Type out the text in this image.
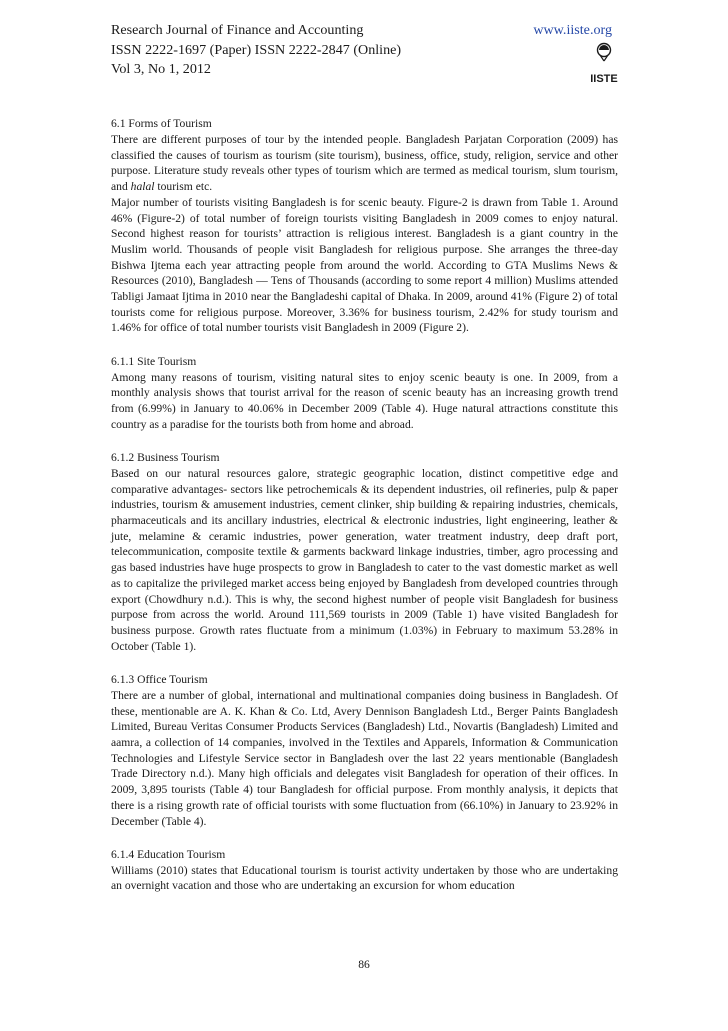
Research Journal of Finance and Accounting
ISSN 2222-1697 (Paper) ISSN 2222-2847 (Online)
Vol 3, No 1, 2012
www.iiste.org
IISTE
6.1 Forms of Tourism

There are different purposes of tour by the intended people. Bangladesh Parjatan Corporation (2009) has classified the causes of tourism as tourism (site tourism), business, office, study, religion, service and other purpose. Literature study reveals other types of tourism which are termed as medical tourism, slum tourism, and halal tourism etc.

Major number of tourists visiting Bangladesh is for scenic beauty. Figure-2 is drawn from Table 1. Around 46% (Figure-2) of total number of foreign tourists visiting Bangladesh in 2009 comes to enjoy natural. Second highest reason for tourists’ attraction is religious interest. Bangladesh is a giant country in the Muslim world. Thousands of people visit Bangladesh for religious purpose. She arranges the three-day Bishwa Ijtema each year attracting people from around the world. According to GTA Muslims News & Resources (2010), Bangladesh — Tens of Thousands (according to some report 4 million) Muslims attended Tabligi Jamaat Ijtima in 2010 near the Bangladeshi capital of Dhaka. In 2009, around 41% (Figure 2) of total tourists come for religious purpose. Moreover, 3.36% for business tourism, 2.42% for study tourism and 1.46% for office of total number tourists visit Bangladesh in 2009 (Figure 2).

6.1.1 Site Tourism

Among many reasons of tourism, visiting natural sites to enjoy scenic beauty is one. In 2009, from a monthly analysis shows that tourist arrival for the reason of scenic beauty has an increasing growth trend from (6.99%) in January to 40.06% in December 2009 (Table 4). Huge natural attractions constitute this country as a paradise for the tourists both from home and abroad.

6.1.2 Business Tourism

Based on our natural resources galore, strategic geographic location, distinct competitive edge and comparative advantages- sectors like petrochemicals & its dependent industries, oil refineries, pulp & paper industries, tourism & amusement industries, cement clinker, ship building & repairing industries, chemicals, pharmaceuticals and its ancillary industries, electrical & electronic industries, light engineering, leather & jute, melamine & ceramic industries, power generation, water treatment industry, deep draft port, telecommunication, composite textile & garments backward linkage industries, timber, agro processing and gas based industries have huge prospects to grow in Bangladesh to cater to the vast domestic market as well as to capitalize the privileged market access being enjoyed by Bangladesh from developed countries through export (Chowdhury n.d.). This is why, the second highest number of people visit Bangladesh for business purpose from across the world. Around 111,569 tourists in 2009 (Table 1) have visited Bangladesh for business purpose. Growth rates fluctuate from a minimum (1.03%) in February to maximum 53.28% in October (Table 1).

6.1.3 Office Tourism

There are a number of global, international and multinational companies doing business in Bangladesh. Of these, mentionable are A. K. Khan & Co. Ltd, Avery Dennison Bangladesh Ltd., Berger Paints Bangladesh Limited, Bureau Veritas Consumer Products Services (Bangladesh) Ltd., Novartis (Bangladesh) Limited and aamra, a collection of 14 companies, involved in the Textiles and Apparels, Information & Communication Technologies and Lifestyle Service sector in Bangladesh over the last 22 years mentionable (Bangladesh Trade Directory n.d.). Many high officials and delegates visit Bangladesh for operation of their offices. In 2009, 3,895 tourists (Table 4) tour Bangladesh for official purpose. From monthly analysis, it depicts that there is a rising growth rate of official tourists with some fluctuation from (66.10%) in January to 23.92% in December (Table 4).

6.1.4 Education Tourism

Williams (2010) states that Educational tourism is tourist activity undertaken by those who are undertaking an overnight vacation and those who are undertaking an excursion for whom education

86
